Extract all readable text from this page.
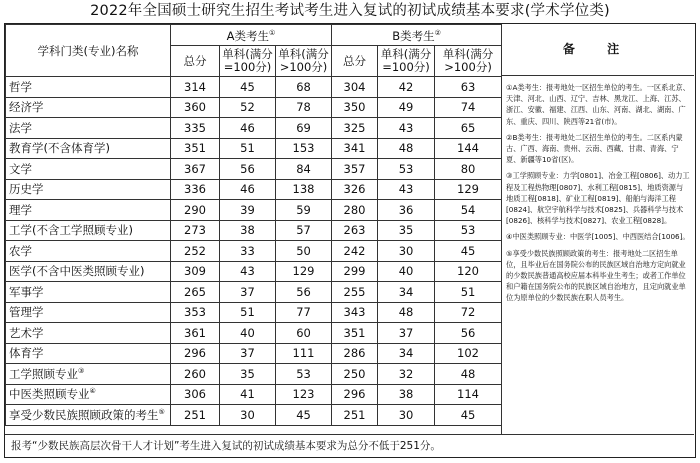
2022年全国硕士研究生招生考试考生进入复试的初试成绩基本要求(学术学位类)
学科门类(专业)名称	A类考生①			B类考生②
	总分	单科(满分=100分)	单科(满分>100分)	总分	单科(满分=100分)	单科(满分>100分)
哲学	314	45	68	304	42	63
经济学	360	52	78	350	49	74
法学	335	46	69	325	43	65
教育学(不含体育学)	351	51	153	341	48	144
文学	367	56	84	357	53	80
历史学	336	46	138	326	43	129
理学	290	39	59	280	36	54
工学(不含工学照顾专业)	273	38	57	263	35	53
农学	252	33	50	242	30	45
医学(不含中医类照顾专业)	309	43	129	299	40	120
军事学	265	37	56	255	34	51
管理学	353	51	77	343	48	72
艺术学	361	40	60	351	37	56
体育学	296	37	111	286	34	102
工学照顾专业③	260	35	53	250	32	48
中医类照顾专业④	306	41	123	296	38	114
享受少数民族照顾政策的考生⑤	251	30	45	251	30	45
备 注

①A类考生：报考地处一区招生单位的考生。一区系北京、天津、河北、山西、辽宁、吉林、黑龙江、上海、江苏、浙江、安徽、福建、江西、山东、河南、湖北、湖南、广东、重庆、四川、陕西等21省(市)。

②B类考生：报考地处二区招生单位的考生。二区系内蒙古、广西、海南、贵州、云南、西藏、甘肃、青海、宁夏、新疆等10省(区)。

③工学照顾专业：力学[0801]、冶金工程[0806]、动力工程及工程热物理[0807]、水利工程[0815]、地质资源与地质工程[0818]、矿业工程[0819]、船舶与海洋工程[0824]、航空宇航科学与技术[0825]、兵器科学与技术[0826]、核科学与技术[0827]、农业工程[0828]。

④中医类照顾专业：中医学[1005]、中西医结合[1006]。

⑤享受少数民族照顾政策的考生：报考地处二区招生单位，且毕业后在国务院公布的民族区域自治地方定向就业的少数民族普通高校应届本科毕业生考生；或者工作单位和户籍在国务院公布的民族区域自治地方，且定向就业单位为原单位的少数民族在职人员考生。

报考“少数民族高层次骨干人才计划”考生进入复试的初试成绩基本要求为总分不低于251分。
